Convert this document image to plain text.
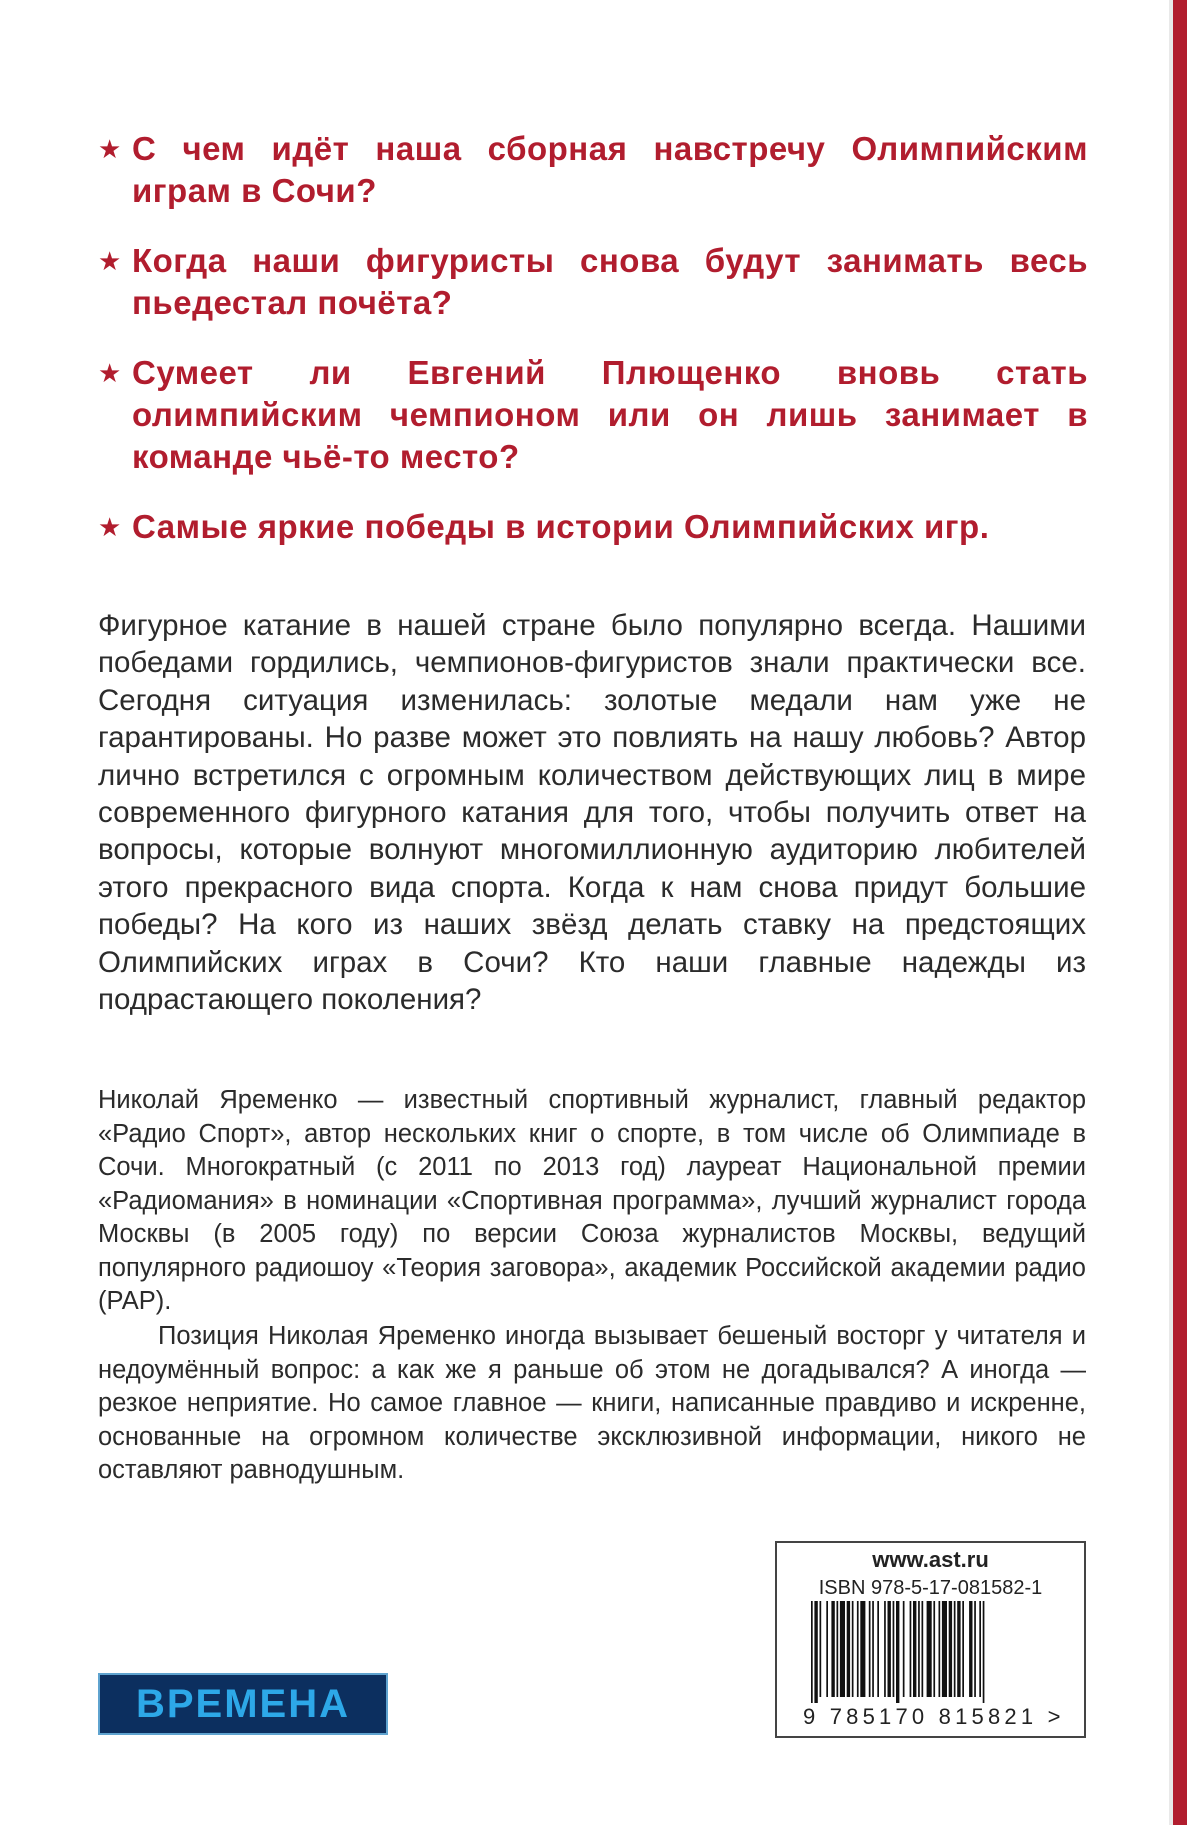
★ С чем идёт наша сборная навстречу Олимпийским играм в Сочи?

★ Когда наши фигуристы снова будут занимать весь пьедестал почёта?

★ Сумеет ли Евгений Плющенко вновь стать олимпийским чемпионом или он лишь занимает в команде чьё-то место?

★ Самые яркие победы в истории Олимпийских игр.

Фигурное катание в нашей стране было популярно всегда. Нашими победами гордились, чемпионов-фигуристов знали практически все. Сегодня ситуация изменилась: золотые медали нам уже не гарантированы. Но разве может это повлиять на нашу любовь? Автор лично встретился с огромным количеством действующих лиц в мире современного фигурного катания для того, чтобы получить ответ на вопросы, которые волнуют многомиллионную аудиторию любителей этого прекрасного вида спорта. Когда к нам снова придут большие победы? На кого из наших звёзд делать ставку на предстоящих Олимпийских играх в Сочи? Кто наши главные надежды из подрастающего поколения?

Николай Яременко — известный спортивный журналист, главный редактор «Радио Спорт», автор нескольких книг о спорте, в том числе об Олимпиаде в Сочи. Многократный (с 2011 по 2013 год) лауреат Национальной премии «Радиомания» в номинации «Спортивная программа», лучший журналист города Москвы (в 2005 году) по версии Союза журналистов Москвы, ведущий популярного радиошоу «Теория заговора», академик Российской академии радио (РАР).

Позиция Николая Яременко иногда вызывает бешеный восторг у читателя и недоумённый вопрос: а как же я раньше об этом не догадывался? А иногда — резкое неприятие. Но самое главное — книги, написанные правдиво и искренне, основанные на огромном количестве эксклюзивной информации, никого не оставляют равнодушным.

ВРЕМЕНА
www.ast.ru
ISBN 978-5-17-081582-1
9 785170 815821 >
